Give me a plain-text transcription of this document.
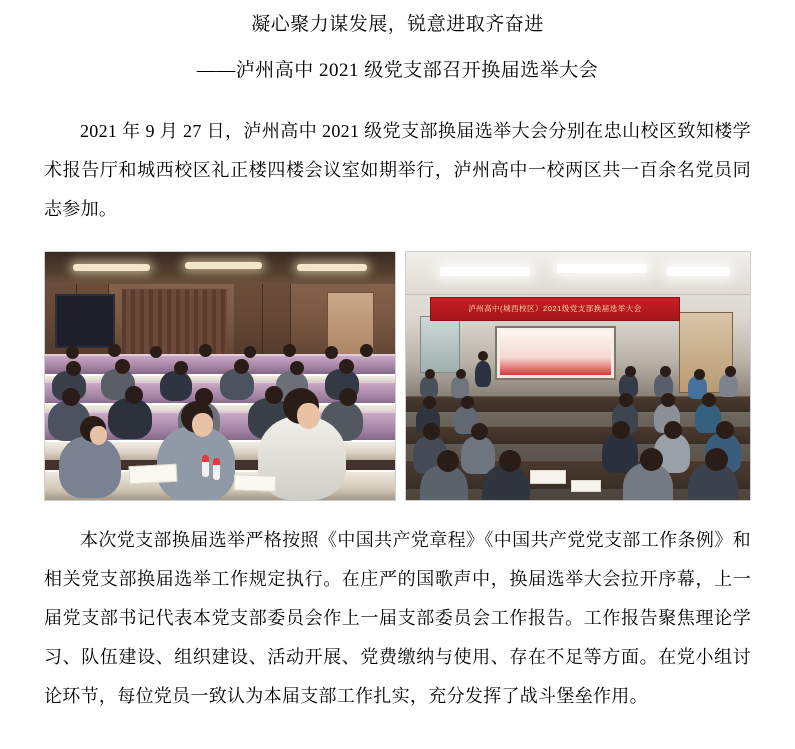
凝心聚力谋发展，锐意进取齐奋进
——泸州高中 2021 级党支部召开换届选举大会
2021 年 9 月 27 日，泸州高中 2021 级党支部换届选举大会分别在忠山校区致知楼学术报告厅和城西校区礼正楼四楼会议室如期举行，泸州高中一校两区共一百余名党员同志参加。
泸州高中(城西校区）2021级党支部换届选举大会
本次党支部换届选举严格按照《中国共产党章程》《中国共产党党支部工作条例》和相关党支部换届选举工作规定执行。在庄严的国歌声中，换届选举大会拉开序幕，上一届党支部书记代表本党支部委员会作上一届支部委员会工作报告。工作报告聚焦理论学习、队伍建设、组织建设、活动开展、党费缴纳与使用、存在不足等方面。在党小组讨论环节，每位党员一致认为本届支部工作扎实，充分发挥了战斗堡垒作用。
